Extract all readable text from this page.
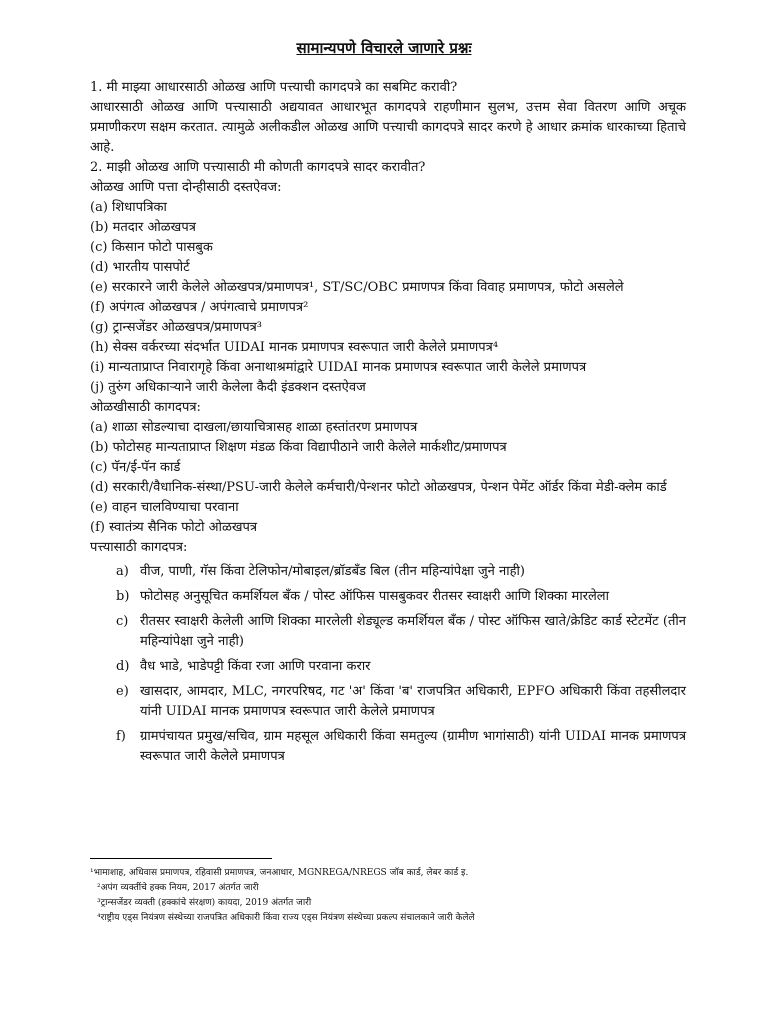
सामान्यपणे विचारले जाणारे प्रश्नः
1. मी माझ्या आधारसाठी ओळख आणि पत्त्याची कागदपत्रे का सबमिट करावी?
आधारसाठी ओळख आणि पत्त्यासाठी अद्ययावत आधारभूत कागदपत्रे राहणीमान सुलभ, उत्तम सेवा वितरण आणि अचूक प्रमाणीकरण सक्षम करतात. त्यामुळे अलीकडील ओळख आणि पत्त्याची कागदपत्रे सादर करणे हे आधार क्रमांक धारकाच्या हिताचे आहे.
2. माझी ओळख आणि पत्त्यासाठी मी कोणती कागदपत्रे सादर करावीत?
ओळख आणि पत्ता दोन्हीसाठी दस्तऐवज:
(a) शिधापत्रिका
(b) मतदार ओळखपत्र
(c) किसान फोटो पासबुक
(d) भारतीय पासपोर्ट
(e) सरकारने जारी केलेले ओळखपत्र/प्रमाणपत्र¹, ST/SC/OBC प्रमाणपत्र किंवा विवाह प्रमाणपत्र, फोटो असलेले
(f) अपंगत्व ओळखपत्र / अपंगत्वाचे प्रमाणपत्र²
(g) ट्रान्सजेंडर ओळखपत्र/प्रमाणपत्र³
(h) सेक्स वर्करच्या संदर्भात UIDAI मानक प्रमाणपत्र स्वरूपात जारी केलेले प्रमाणपत्र⁴
(i) मान्यताप्राप्त निवारागृहे किंवा अनाथाश्रमांद्वारे UIDAI मानक प्रमाणपत्र स्वरूपात जारी केलेले प्रमाणपत्र
(j) तुरुंग अधिकाऱ्याने जारी केलेला कैदी इंडक्शन दस्तऐवज
ओळखीसाठी कागदपत्र:
(a) शाळा सोडल्याचा दाखला/छायाचित्रासह शाळा हस्तांतरण प्रमाणपत्र
(b) फोटोसह मान्यताप्राप्त शिक्षण मंडळ किंवा विद्यापीठाने जारी केलेले मार्कशीट/प्रमाणपत्र
(c) पॅन/ई-पॅन कार्ड
(d) सरकारी/वैधानिक-संस्था/PSU-जारी केलेले कर्मचारी/पेन्शनर फोटो ओळखपत्र, पेन्शन पेमेंट ऑर्डर किंवा मेडी-क्लेम कार्ड
(e) वाहन चालविण्याचा परवाना
(f) स्वातंत्र्य सैनिक फोटो ओळखपत्र
पत्त्यासाठी कागदपत्र:
a) वीज, पाणी, गॅस किंवा टेलिफोन/मोबाइल/ब्रॉडबँड बिल (तीन महिन्यांपेक्षा जुने नाही)
b) फोटोसह अनुसूचित कमर्शियल बँक / पोस्ट ऑफिस पासबुकवर रीतसर स्वाक्षरी आणि शिक्का मारलेला
c) रीतसर स्वाक्षरी केलेली आणि शिक्का मारलेली शेड्यूल्ड कमर्शियल बँक / पोस्ट ऑफिस खाते/क्रेडिट कार्ड स्टेटमेंट (तीन महिन्यांपेक्षा जुने नाही)
d) वैध भाडे, भाडेपट्टी किंवा रजा आणि परवाना करार
e) खासदार, आमदार, MLC, नगरपरिषद, गट 'अ' किंवा 'ब' राजपत्रित अधिकारी, EPFO अधिकारी किंवा तहसीलदार यांनी UIDAI मानक प्रमाणपत्र स्वरूपात जारी केलेले प्रमाणपत्र
f)	ग्रामपंचायत प्रमुख/सचिव, ग्राम महसूल अधिकारी किंवा समतुल्य (ग्रामीण भागांसाठी) यांनी UIDAI मानक प्रमाणपत्र स्वरूपात जारी केलेले प्रमाणपत्र
¹भामाशाह, अधिवास प्रमाणपत्र, रहिवासी प्रमाणपत्र, जनआधार, MGNREGA/NREGS जॉब कार्ड, लेबर कार्ड इ.
²अपंग व्यक्तींचे हक्क नियम, 2017 अंतर्गत जारी
³ट्रान्सजेंडर व्यक्ती (हक्कांचे संरक्षण) कायदा, 2019 अंतर्गत जारी
⁴राष्ट्रीय एड्स नियंत्रण संस्थेच्या राजपत्रित अधिकारी किंवा राज्य एड्स नियंत्रण संस्थेच्या प्रकल्प संचालकाने जारी केलेले
